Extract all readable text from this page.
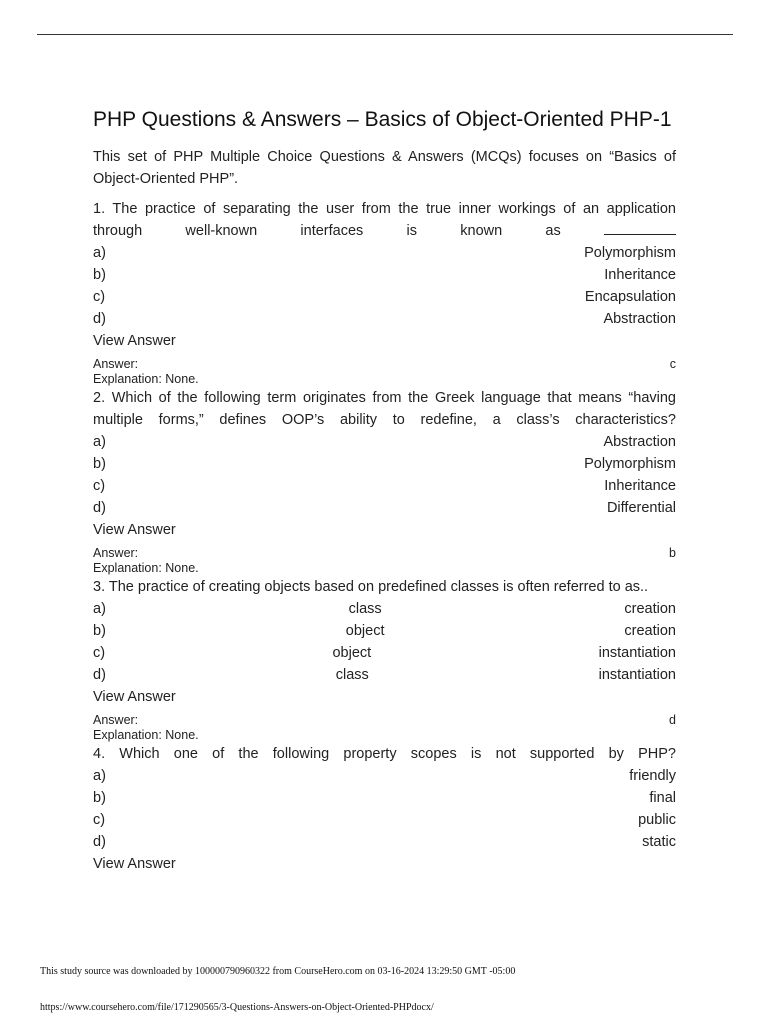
PHP Questions & Answers – Basics of Object-Oriented PHP-1

This set of PHP Multiple Choice Questions & Answers (MCQs) focuses on “Basics of Object-Oriented PHP”.

1. The practice of separating the user from the true inner workings of an application

through well-known interfaces is known as

a) Polymorphism

b) Inheritance

c) Encapsulation

d) Abstraction

View Answer

Answer:	c

Explanation: None.

2. Which of the following term originates from the Greek language that means “having

multiple forms,” defines OOP’s ability to redefine, a class’s characteristics?

a) Abstraction

b) Polymorphism

c) Inheritance

d) Differential

View Answer

Answer:	b

Explanation: None.

3. The practice of creating objects based on predefined classes is often referred to as..

a) class creation

b) object creation

c) object instantiation

d) class instantiation

View Answer

Answer:	d

Explanation: None.

4. Which one of the following property scopes is not supported by PHP?

a) friendly

b) final

c) public

d) static

View Answer

This study source was downloaded by 100000790960322 from CourseHero.com on 03-16-2024 13:29:50 GMT -05:00
https://www.coursehero.com/file/171290565/3-Questions-Answers-on-Object-Oriented-PHPdocx/
